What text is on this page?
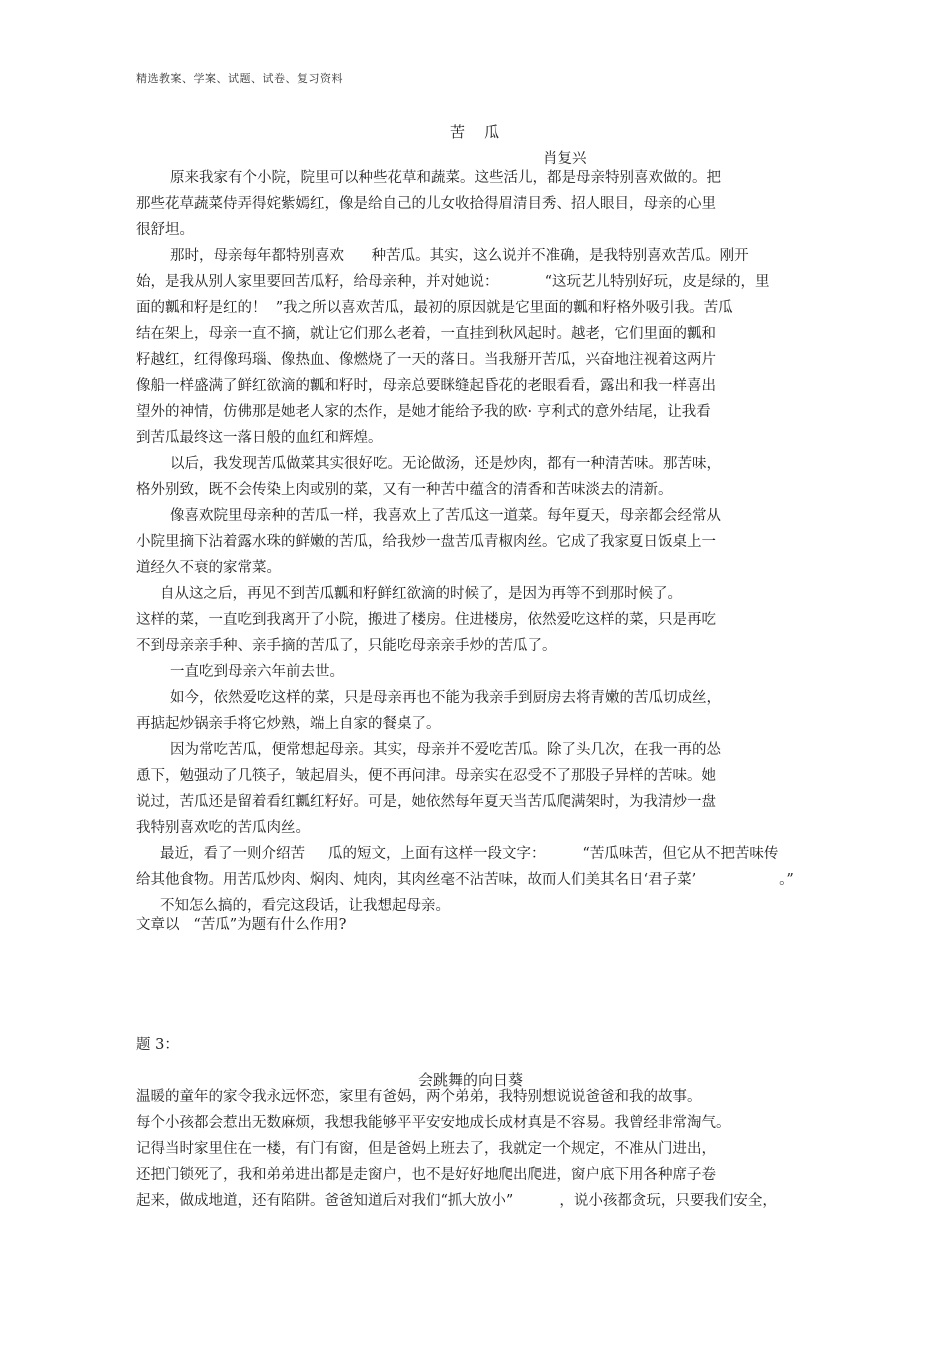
精选教案、学案、试题、试卷、复习资料
苦    瓜
肖复兴
原来我家有个小院，院里可以种些花草和蔬菜。这些活儿，都是母亲特别喜欢做的。把
那些花草蔬菜侍弄得姹紫嫣红，像是给自己的儿女收拾得眉清目秀、招人眼目，母亲的心里
很舒坦。
那时，母亲每年都特别喜欢      种苦瓜。其实，这么说并不准确，是我特别喜欢苦瓜。刚开
始，是我从别人家里要回苦瓜籽，给母亲种，并对她说：          “这玩艺儿特别好玩，皮是绿的，里
面的瓤和籽是红的！  ”我之所以喜欢苦瓜，最初的原因就是它里面的瓤和籽格外吸引我。苦瓜
结在架上，母亲一直不摘，就让它们那么老着，一直挂到秋风起时。越老，它们里面的瓤和
籽越红，红得像玛瑙、像热血、像燃烧了一天的落日。当我掰开苦瓜，兴奋地注视着这两片
像船一样盛满了鲜红欲滴的瓤和籽时，母亲总要眯缝起昏花的老眼看看，露出和我一样喜出
望外的神情，仿佛那是她老人家的杰作，是她才能给予我的欧· 亨利式的意外结尾，让我看
到苦瓜最终这一落日般的血红和辉煌。
以后，我发现苦瓜做菜其实很好吃。无论做汤，还是炒肉，都有一种清苦味。那苦味，
格外别致，既不会传染上肉或别的菜，又有一种苦中蕴含的清香和苦味淡去的清新。
像喜欢院里母亲种的苦瓜一样，我喜欢上了苦瓜这一道菜。每年夏天，母亲都会经常从
小院里摘下沾着露水珠的鲜嫩的苦瓜，给我炒一盘苦瓜青椒肉丝。它成了我家夏日饭桌上一
道经久不衰的家常菜。
自从这之后，再见不到苦瓜瓤和籽鲜红欲滴的时候了，是因为再等不到那时候了。
这样的菜，一直吃到我离开了小院，搬进了楼房。住进楼房，依然爱吃这样的菜，只是再吃
不到母亲亲手种、亲手摘的苦瓜了，只能吃母亲亲手炒的苦瓜了。
一直吃到母亲六年前去世。
如今，依然爱吃这样的菜，只是母亲再也不能为我亲手到厨房去将青嫩的苦瓜切成丝，
再掂起炒锅亲手将它炒熟，端上自家的餐桌了。
因为常吃苦瓜，便常想起母亲。其实，母亲并不爱吃苦瓜。除了头几次，在我一再的怂
恿下，勉强动了几筷子，皱起眉头，便不再问津。母亲实在忍受不了那股子异样的苦味。她
说过，苦瓜还是留着看红瓤红籽好。可是，她依然每年夏天当苦瓜爬满架时，为我清炒一盘
我特别喜欢吃的苦瓜肉丝。
最近，看了一则介绍苦     瓜的短文，上面有这样一段文字：        “苦瓜味苦，但它从不把苦味传
给其他食物。用苦瓜炒肉、焖肉、炖肉，其肉丝毫不沾苦味，故而人们美其名日‘君子菜’                  。”
不知怎么搞的，看完这段话，让我想起母亲。
文章以   “苦瓜”为题有什么作用?
题 3：
会跳舞的向日葵
温暖的童年的家令我永远怀恋，家里有爸妈，两个弟弟，我特别想说说爸爸和我的故事。
每个小孩都会惹出无数麻烦，我想我能够平平安安地成长成材真是不容易。我曾经非常淘气。
记得当时家里住在一楼，有门有窗，但是爸妈上班去了，我就定一个规定，不准从门进出，
还把门锁死了，我和弟弟进出都是走窗户，也不是好好地爬出爬进，窗户底下用各种席子卷
起来，做成地道，还有陷阱。爸爸知道后对我们“抓大放小”          ，说小孩都贪玩，只要我们安全，
